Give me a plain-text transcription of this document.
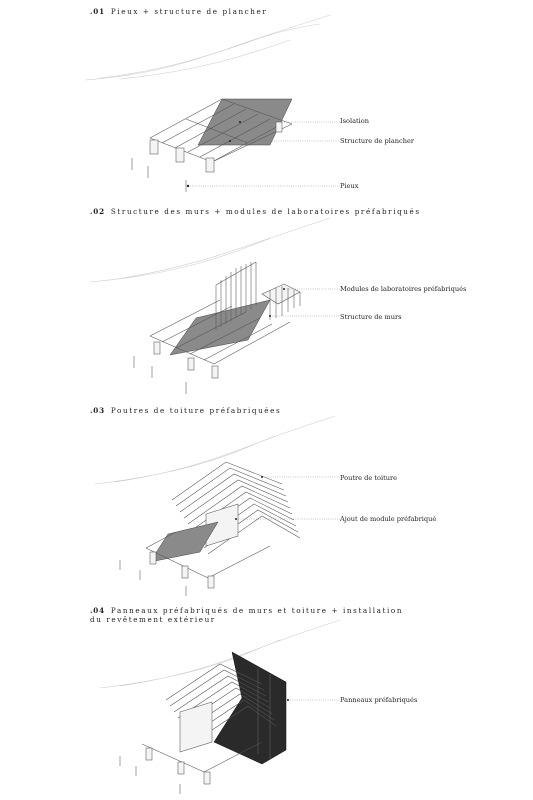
.01 Pieux + structure de plancher
.02 Structure des murs + modules de laboratoires préfabriqués
.03 Poutres de toiture préfabriquées
.04 Panneaux préfabriqués de murs et toiture + installation
du revêtement extérieur
Isolation
Structure de plancher
Pieux
Modules de laboratoires préfabriqués
Structure de murs
Poutre de toiture
Ajout de module préfabriqué
Panneaux préfabriqués
